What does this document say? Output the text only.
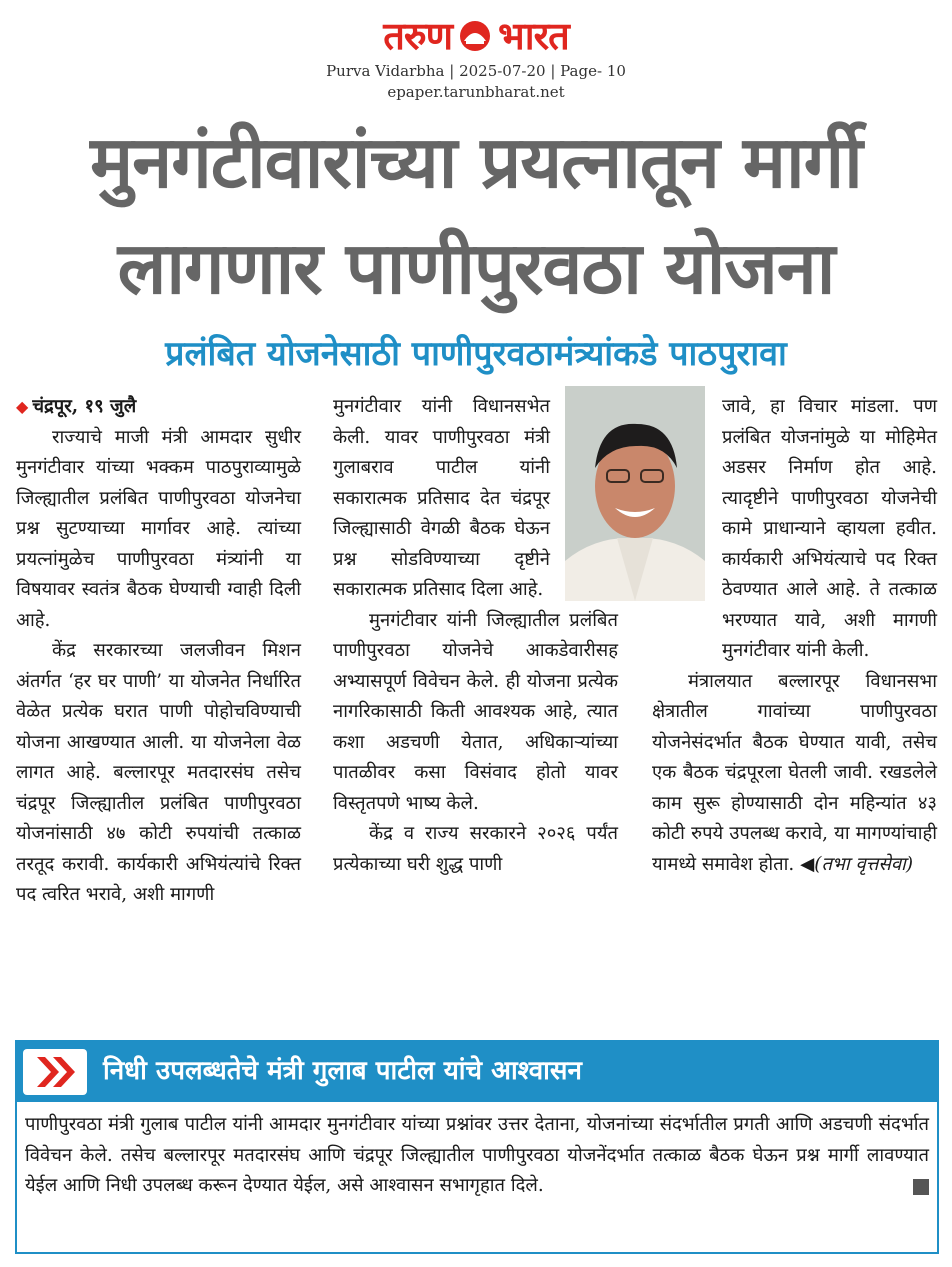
तरुण भारत
Purva Vidarbha | 2025-07-20 | Page- 10
epaper.tarunbharat.net
मुनगंटीवारांच्या प्रयत्नातून मार्गी
लागणार पाणीपुरवठा योजना
प्रलंबित योजनेसाठी पाणीपुरवठामंत्र्यांकडे पाठपुरावा

◆ चंद्रपूर, १९ जुलै

राज्याचे माजी मंत्री आमदार सुधीर मुनगंटीवार यांच्या भक्कम पाठपुराव्यामुळे जिल्ह्यातील प्रलंबित पाणीपुरवठा योजनेचा प्रश्न सुटण्याच्या मार्गावर आहे. त्यांच्या प्रयत्नांमुळेच पाणीपुरवठा मंत्र्यांनी या विषयावर स्वतंत्र बैठक घेण्याची ग्वाही दिली आहे.

केंद्र सरकारच्या जलजीवन मिशन अंतर्गत ‘हर घर पाणी’ या योजनेत निर्धारित वेळेत प्रत्येक घरात पाणी पोहोचविण्याची योजना आखण्यात आली. या योजनेला वेळ लागत आहे. बल्लारपूर मतदारसंघ तसेच चंद्रपूर जिल्ह्यातील प्रलंबित पाणीपुरवठा योजनांसाठी ४७ कोटी रुपयांची तत्काळ तरतूद करावी. कार्यकारी अभियंत्यांचे रिक्त पद त्वरित भरावे, अशी मागणी

मुनगंटीवार यांनी विधानसभेत केली. यावर पाणीपुरवठा मंत्री गुलाबराव पाटील यांनी सकारात्मक प्रतिसाद देत चंद्रपूर जिल्ह्यासाठी वेगळी बैठक घेऊन प्रश्न सोडविण्याच्या दृष्टीने सकारात्मक प्रतिसाद दिला आहे.

मुनगंटीवार यांनी जिल्ह्यातील प्रलंबित पाणीपुरवठा योजनेचे आकडेवारीसह अभ्यासपूर्ण विवेचन केले. ही योजना प्रत्येक नागरिकासाठी किती आवश्यक आहे, त्यात कशा अडचणी येतात, अधिकाऱ्यांच्या पातळीवर कसा विसंवाद होतो यावर विस्तृतपणे भाष्य केले.

केंद्र व राज्य सरकारने २०२६ पर्यंत प्रत्येकाच्या घरी शुद्ध पाणी

जावे, हा विचार मांडला. पण प्रलंबित योजनांमुळे या मोहिमेत अडसर निर्माण होत आहे. त्यादृष्टीने पाणीपुरवठा योजनेची कामे प्राधान्याने व्हायला हवीत. कार्यकारी अभियंत्याचे पद रिक्त ठेवण्यात आले आहे. ते तत्काळ भरण्यात यावे, अशी मागणी मुनगंटीवार यांनी केली.

मंत्रालयात बल्लारपूर विधानसभा क्षेत्रातील गावांच्या पाणीपुरवठा योजनेसंदर्भात बैठक घेण्यात यावी, तसेच एक बैठक चंद्रपूरला घेतली जावी. रखडलेले काम सुरू होण्यासाठी दोन महिन्यांत ४३ कोटी रुपये उपलब्ध करावे, या मागण्यांचाही यामध्ये समावेश होता. ◀(तभा वृत्तसेवा)

निधी उपलब्धतेचे मंत्री गुलाब पाटील यांचे आश्वासन
पाणीपुरवठा मंत्री गुलाब पाटील यांनी आमदार मुनगंटीवार यांच्या प्रश्नांवर उत्तर देताना, योजनांच्या संदर्भातील प्रगती आणि अडचणी संदर्भात विवेचन केले. तसेच बल्लारपूर मतदारसंघ आणि चंद्रपूर जिल्ह्यातील पाणीपुरवठा योजनेंदर्भात तत्काळ बैठक घेऊन प्रश्न मार्गी लावण्यात येईल आणि निधी उपलब्ध करून देण्यात येईल, असे आश्वासन सभागृहात दिले.
